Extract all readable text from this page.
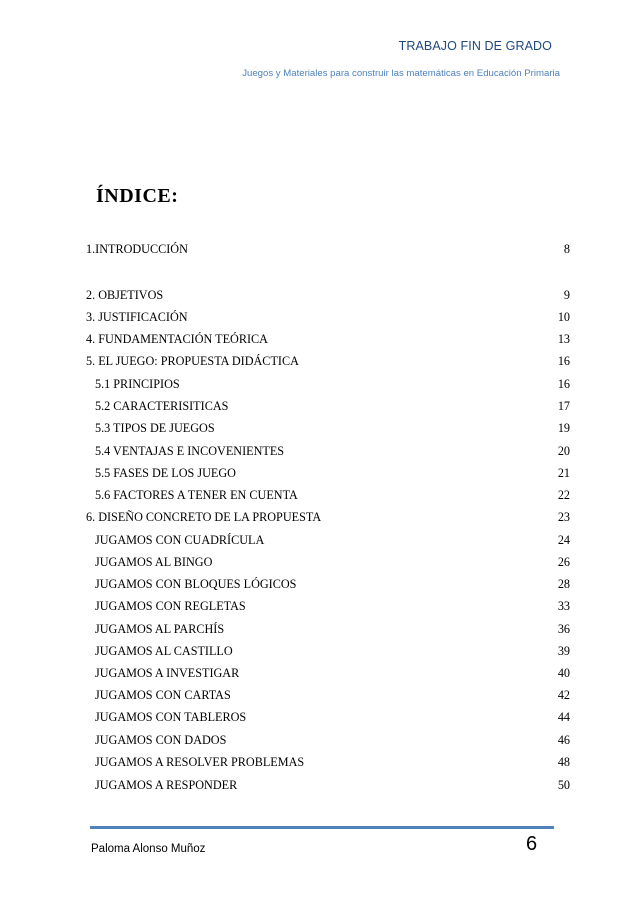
TRABAJO FIN DE GRADO
Juegos y Materiales para construir las matemáticas en Educación Primaria
ÍNDICE:
1.INTRODUCCIÓN	8
2. OBJETIVOS	9
3. JUSTIFICACIÓN	10
4. FUNDAMENTACIÓN TEÓRICA	13
5. EL JUEGO: PROPUESTA DIDÁCTICA	16
5.1 PRINCIPIOS	16
5.2 CARACTERISITICAS	17
5.3 TIPOS DE JUEGOS	19
5.4 VENTAJAS E INCOVENIENTES	20
5.5 FASES DE LOS JUEGO	21
5.6 FACTORES A TENER EN CUENTA	22
6. DISEÑO CONCRETO DE LA PROPUESTA	23
JUGAMOS CON CUADRÍCULA	24
JUGAMOS AL BINGO	26
JUGAMOS CON BLOQUES LÓGICOS	28
JUGAMOS CON REGLETAS	33
JUGAMOS AL PARCHÍS	36
JUGAMOS AL CASTILLO	39
JUGAMOS A INVESTIGAR	40
JUGAMOS CON CARTAS	42
JUGAMOS CON TABLEROS	44
JUGAMOS CON DADOS	46
JUGAMOS A RESOLVER PROBLEMAS	48
JUGAMOS A RESPONDER	50
Paloma Alonso Muñoz	6
